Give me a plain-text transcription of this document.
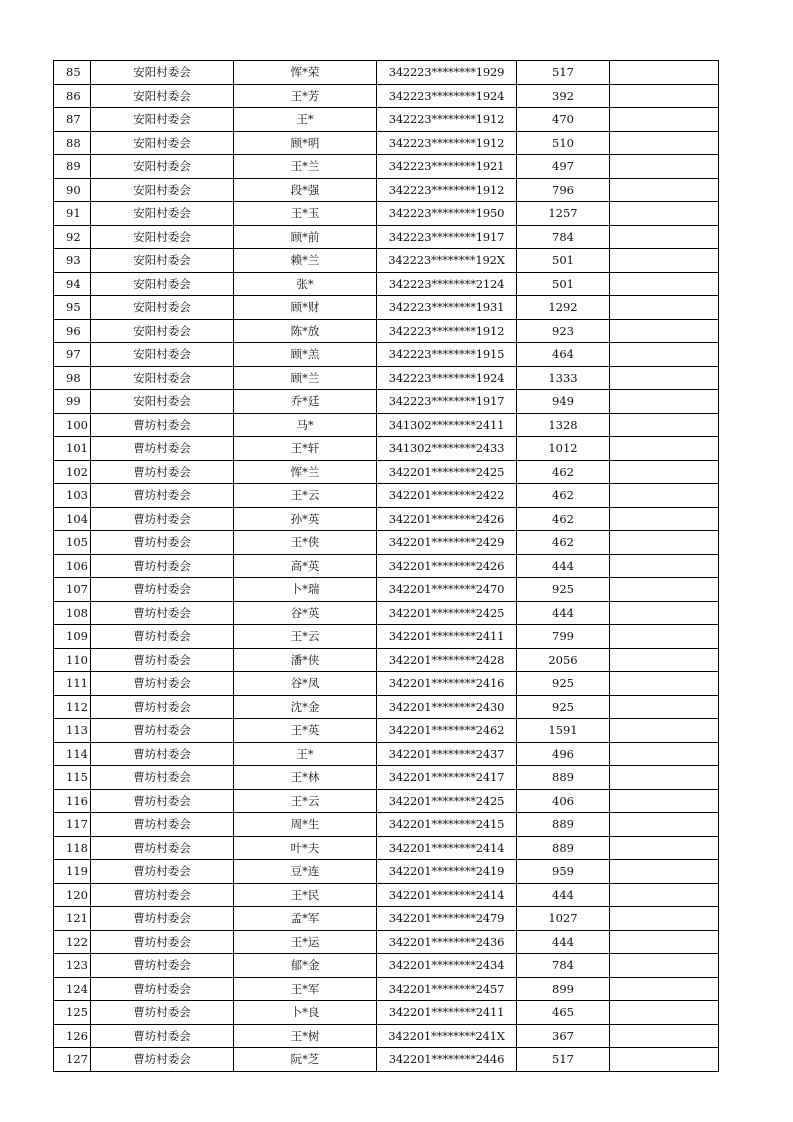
85	安阳村委会	恽*荣	342223********1929	517	
86	安阳村委会	王*芳	342223********1924	392	
87	安阳村委会	王*	342223********1912	470	
88	安阳村委会	顾*明	342223********1912	510	
89	安阳村委会	王*兰	342223********1921	497	
90	安阳村委会	段*强	342223********1912	796	
91	安阳村委会	王*玉	342223********1950	1257	
92	安阳村委会	顾*前	342223********1917	784	
93	安阳村委会	赖*兰	342223********192X	501	
94	安阳村委会	张*	342223********2124	501	
95	安阳村委会	顾*财	342223********1931	1292	
96	安阳村委会	陈*放	342223********1912	923	
97	安阳村委会	顾*羔	342223********1915	464	
98	安阳村委会	顾*兰	342223********1924	1333	
99	安阳村委会	乔*廷	342223********1917	949	
100	曹坊村委会	马*	341302********2411	1328	
101	曹坊村委会	王*轩	341302********2433	1012	
102	曹坊村委会	恽*兰	342201********2425	462	
103	曹坊村委会	王*云	342201********2422	462	
104	曹坊村委会	孙*英	342201********2426	462	
105	曹坊村委会	王*侠	342201********2429	462	
106	曹坊村委会	高*英	342201********2426	444	
107	曹坊村委会	卜*瑞	342201********2470	925	
108	曹坊村委会	谷*英	342201********2425	444	
109	曹坊村委会	王*云	342201********2411	799	
110	曹坊村委会	潘*侠	342201********2428	2056	
111	曹坊村委会	谷*凤	342201********2416	925	
112	曹坊村委会	沈*金	342201********2430	925	
113	曹坊村委会	王*英	342201********2462	1591	
114	曹坊村委会	王*	342201********2437	496	
115	曹坊村委会	王*林	342201********2417	889	
116	曹坊村委会	王*云	342201********2425	406	
117	曹坊村委会	周*生	342201********2415	889	
118	曹坊村委会	叶*夫	342201********2414	889	
119	曹坊村委会	豆*连	342201********2419	959	
120	曹坊村委会	王*民	342201********2414	444	
121	曹坊村委会	孟*军	342201********2479	1027	
122	曹坊村委会	王*运	342201********2436	444	
123	曹坊村委会	郁*金	342201********2434	784	
124	曹坊村委会	王*军	342201********2457	899	
125	曹坊村委会	卜*良	342201********2411	465	
126	曹坊村委会	王*树	342201********241X	367	
127	曹坊村委会	阮*芝	342201********2446	517	
